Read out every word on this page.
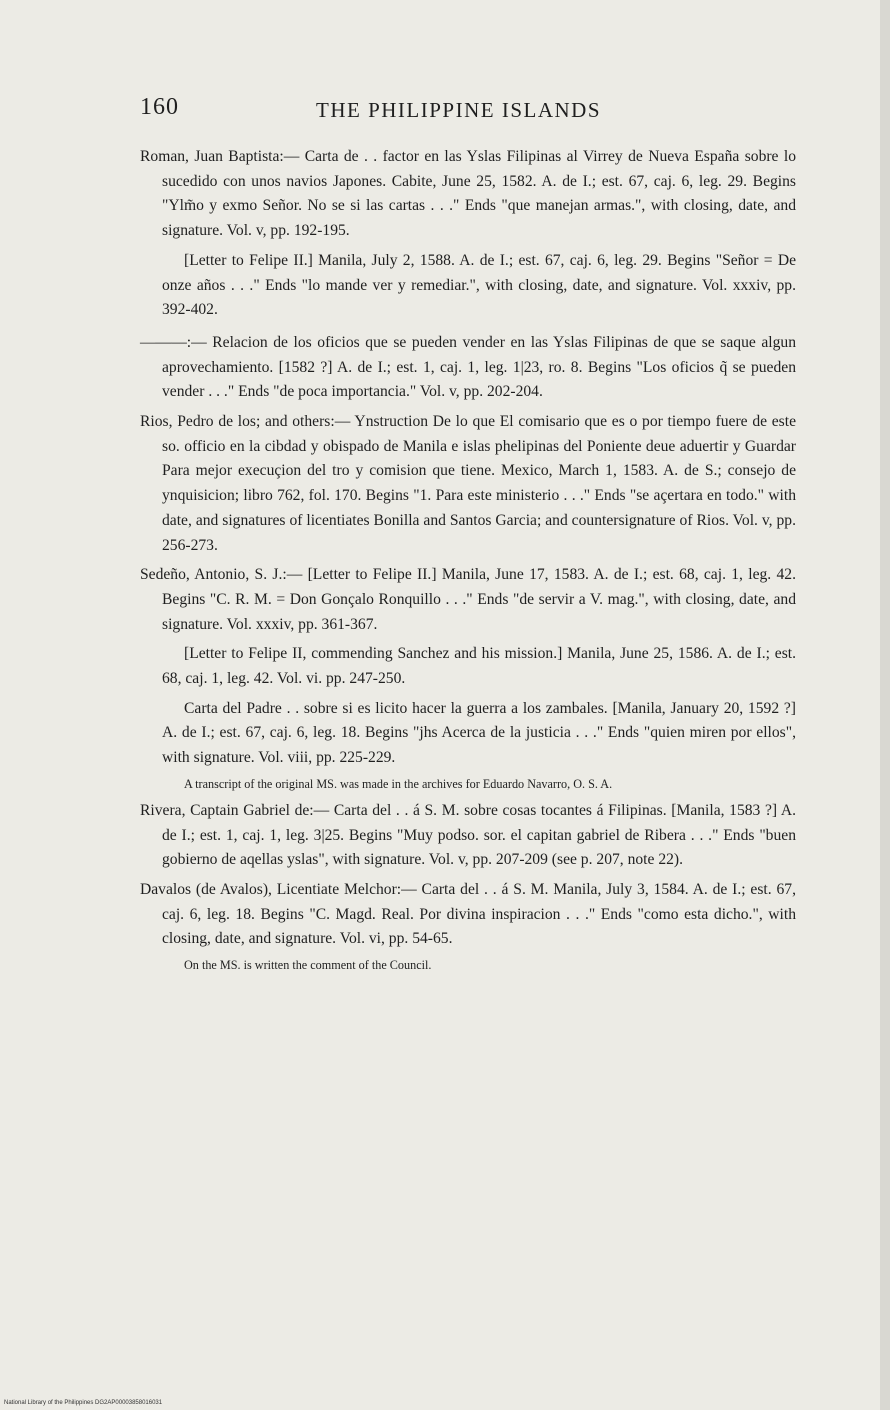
160	THE PHILIPPINE ISLANDS

Roman, Juan Baptista:— Carta de . . factor en las Yslas Filipinas al Virrey de Nueva España sobre lo sucedido con unos navios Japones. Cabite, June 25, 1582. A. de I.; est. 67, caj. 6, leg. 29. Begins "Ylm̃o y exmo Señor. No se si las cartas . . ." Ends "que manejan armas.", with closing, date, and signature. Vol. v, pp. 192-195.

[Letter to Felipe II.] Manila, July 2, 1588. A. de I.; est. 67, caj. 6, leg. 29. Begins "Señor = De onze años . . ." Ends "lo mande ver y remediar.", with closing, date, and signature. Vol. xxxiv, pp. 392-402.

———:— Relacion de los oficios que se pueden vender en las Yslas Filipinas de que se saque algun aprovechamiento. [1582 ?] A. de I.; est. 1, caj. 1, leg. 1|23, ro. 8. Begins "Los oficios q̃ se pueden vender . . ." Ends "de poca importancia." Vol. v, pp. 202-204.

Rios, Pedro de los; and others:— Ynstruction De lo que El comisario que es o por tiempo fuere de este so. officio en la cibdad y obispado de Manila e islas phelipinas del Poniente deue aduertir y Guardar Para mejor execuçion del tro y comision que tiene. Mexico, March 1, 1583. A. de S.; consejo de ynquisicion; libro 762, fol. 170. Begins "1. Para este ministerio . . ." Ends "se açertara en todo." with date, and signatures of licentiates Bonilla and Santos Garcia; and countersignature of Rios. Vol. v, pp. 256-273.

Sedeño, Antonio, S. J.:— [Letter to Felipe II.] Manila, June 17, 1583. A. de I.; est. 68, caj. 1, leg. 42. Begins "C. R. M. = Don Gonçalo Ronquillo . . ." Ends "de servir a V. mag.", with closing, date, and signature. Vol. xxxiv, pp. 361-367.

[Letter to Felipe II, commending Sanchez and his mission.] Manila, June 25, 1586. A. de I.; est. 68, caj. 1, leg. 42. Vol. vi. pp. 247-250.

Carta del Padre . . sobre si es licito hacer la guerra a los zambales. [Manila, January 20, 1592 ?] A. de I.; est. 67, caj. 6, leg. 18. Begins "jhs Acerca de la justicia . . ." Ends "quien miren por ellos", with signature. Vol. viii, pp. 225-229.

A transcript of the original MS. was made in the archives for Eduardo Navarro, O. S. A.

Rivera, Captain Gabriel de:— Carta del . . á S. M. sobre cosas tocantes á Filipinas. [Manila, 1583 ?] A. de I.; est. 1, caj. 1, leg. 3|25. Begins "Muy podso. sor. el capitan gabriel de Ribera . . ." Ends "buen gobierno de aqellas yslas", with signature. Vol. v, pp. 207-209 (see p. 207, note 22).

Davalos (de Avalos), Licentiate Melchor:— Carta del . . á S. M. Manila, July 3, 1584. A. de I.; est. 67, caj. 6, leg. 18. Begins "C. Magd. Real. Por divina inspiracion . . ." Ends "como esta dicho.", with closing, date, and signature. Vol. vi, pp. 54-65.

On the MS. is written the comment of the Council.

National Library of the Philippines DG2AP00003858016031
